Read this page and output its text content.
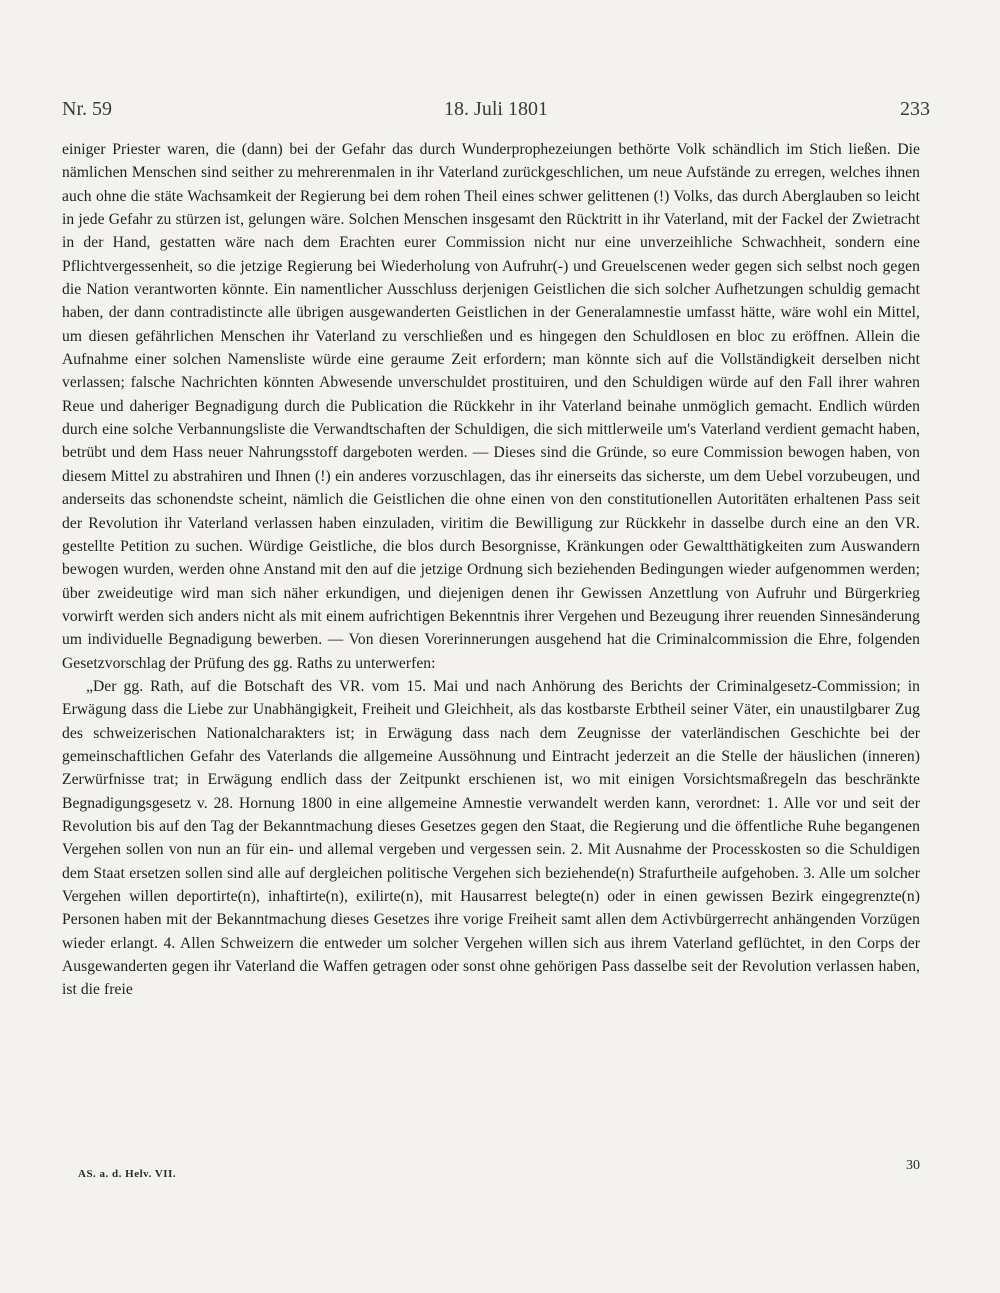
Nr. 59	18. Juli 1801	233

einiger Priester waren, die (dann) bei der Gefahr das durch Wunderprophezeiungen bethörte Volk schändlich im Stich ließen. Die nämlichen Menschen sind seither zu mehrerenmalen in ihr Vaterland zurückgeschlichen, um neue Aufstände zu erregen, welches ihnen auch ohne die stäte Wachsamkeit der Regierung bei dem rohen Theil eines schwer gelittenen (!) Volks, das durch Aberglauben so leicht in jede Gefahr zu stürzen ist, gelungen wäre. Solchen Menschen insgesamt den Rücktritt in ihr Vaterland, mit der Fackel der Zwietracht in der Hand, gestatten wäre nach dem Erachten eurer Commission nicht nur eine unverzeihliche Schwachheit, sondern eine Pflichtvergessenheit, so die jetzige Regierung bei Wiederholung von Aufruhr(-) und Greuelscenen weder gegen sich selbst noch gegen die Nation verantworten könnte. Ein namentlicher Ausschluss derjenigen Geistlichen die sich solcher Aufhetzungen schuldig gemacht haben, der dann contradistincte alle übrigen ausgewanderten Geistlichen in der Generalamnestie umfasst hätte, wäre wohl ein Mittel, um diesen gefährlichen Menschen ihr Vaterland zu verschließen und es hingegen den Schuldlosen en bloc zu eröffnen. Allein die Aufnahme einer solchen Namensliste würde eine geraume Zeit erfordern; man könnte sich auf die Vollständigkeit derselben nicht verlassen; falsche Nachrichten könnten Abwesende unverschuldet prostituiren, und den Schuldigen würde auf den Fall ihrer wahren Reue und daheriger Begnadigung durch die Publication die Rückkehr in ihr Vaterland beinahe unmöglich gemacht. Endlich würden durch eine solche Verbannungsliste die Verwandtschaften der Schuldigen, die sich mittlerweile um's Vaterland verdient gemacht haben, betrübt und dem Hass neuer Nahrungsstoff dargeboten werden. — Dieses sind die Gründe, so eure Commission bewogen haben, von diesem Mittel zu abstrahiren und Ihnen (!) ein anderes vorzuschlagen, das ihr einerseits das sicherste, um dem Uebel vorzubeugen, und anderseits das schonendste scheint, nämlich die Geistlichen die ohne einen von den constitutionellen Autoritäten erhaltenen Pass seit der Revolution ihr Vaterland verlassen haben einzuladen, viritim die Bewilligung zur Rückkehr in dasselbe durch eine an den VR. gestellte Petition zu suchen. Würdige Geistliche, die blos durch Besorgnisse, Kränkungen oder Gewaltthätigkeiten zum Auswandern bewogen wurden, werden ohne Anstand mit den auf die jetzige Ordnung sich beziehenden Bedingungen wieder aufgenommen werden; über zweideutige wird man sich näher erkundigen, und diejenigen denen ihr Gewissen Anzettlung von Aufruhr und Bürgerkrieg vorwirft werden sich anders nicht als mit einem aufrichtigen Bekenntnis ihrer Vergehen und Bezeugung ihrer reuenden Sinnesänderung um individuelle Begnadigung bewerben. — Von diesen Vorerinnerungen ausgehend hat die Criminalcommission die Ehre, folgenden Gesetzvorschlag der Prüfung des gg. Raths zu unterwerfen:

„Der gg. Rath, auf die Botschaft des VR. vom 15. Mai und nach Anhörung des Berichts der Criminalgesetz-Commission; in Erwägung dass die Liebe zur Unabhängigkeit, Freiheit und Gleichheit, als das kostbarste Erbtheil seiner Väter, ein unaustilgbarer Zug des schweizerischen Nationalcharakters ist; in Erwägung dass nach dem Zeugnisse der vaterländischen Geschichte bei der gemeinschaftlichen Gefahr des Vaterlands die allgemeine Aussöhnung und Eintracht jederzeit an die Stelle der häuslichen (inneren) Zerwürfnisse trat; in Erwägung endlich dass der Zeitpunkt erschienen ist, wo mit einigen Vorsichtsmaßregeln das beschränkte Begnadigungsgesetz v. 28. Hornung 1800 in eine allgemeine Amnestie verwandelt werden kann, verordnet: 1. Alle vor und seit der Revolution bis auf den Tag der Bekanntmachung dieses Gesetzes gegen den Staat, die Regierung und die öffentliche Ruhe begangenen Vergehen sollen von nun an für ein- und allemal vergeben und vergessen sein. 2. Mit Ausnahme der Processkosten so die Schuldigen dem Staat ersetzen sollen sind alle auf dergleichen politische Vergehen sich beziehende(n) Strafurtheile aufgehoben. 3. Alle um solcher Vergehen willen deportirte(n), inhaftirte(n), exilirte(n), mit Hausarrest belegte(n) oder in einen gewissen Bezirk eingegrenzte(n) Personen haben mit der Bekanntmachung dieses Gesetzes ihre vorige Freiheit samt allen dem Activbürgerrecht anhängenden Vorzügen wieder erlangt. 4. Allen Schweizern die entweder um solcher Vergehen willen sich aus ihrem Vaterland geflüchtet, in den Corps der Ausgewanderten gegen ihr Vaterland die Waffen getragen oder sonst ohne gehörigen Pass dasselbe seit der Revolution verlassen haben, ist die freie

AS. a. d. Helv. VII.
30
